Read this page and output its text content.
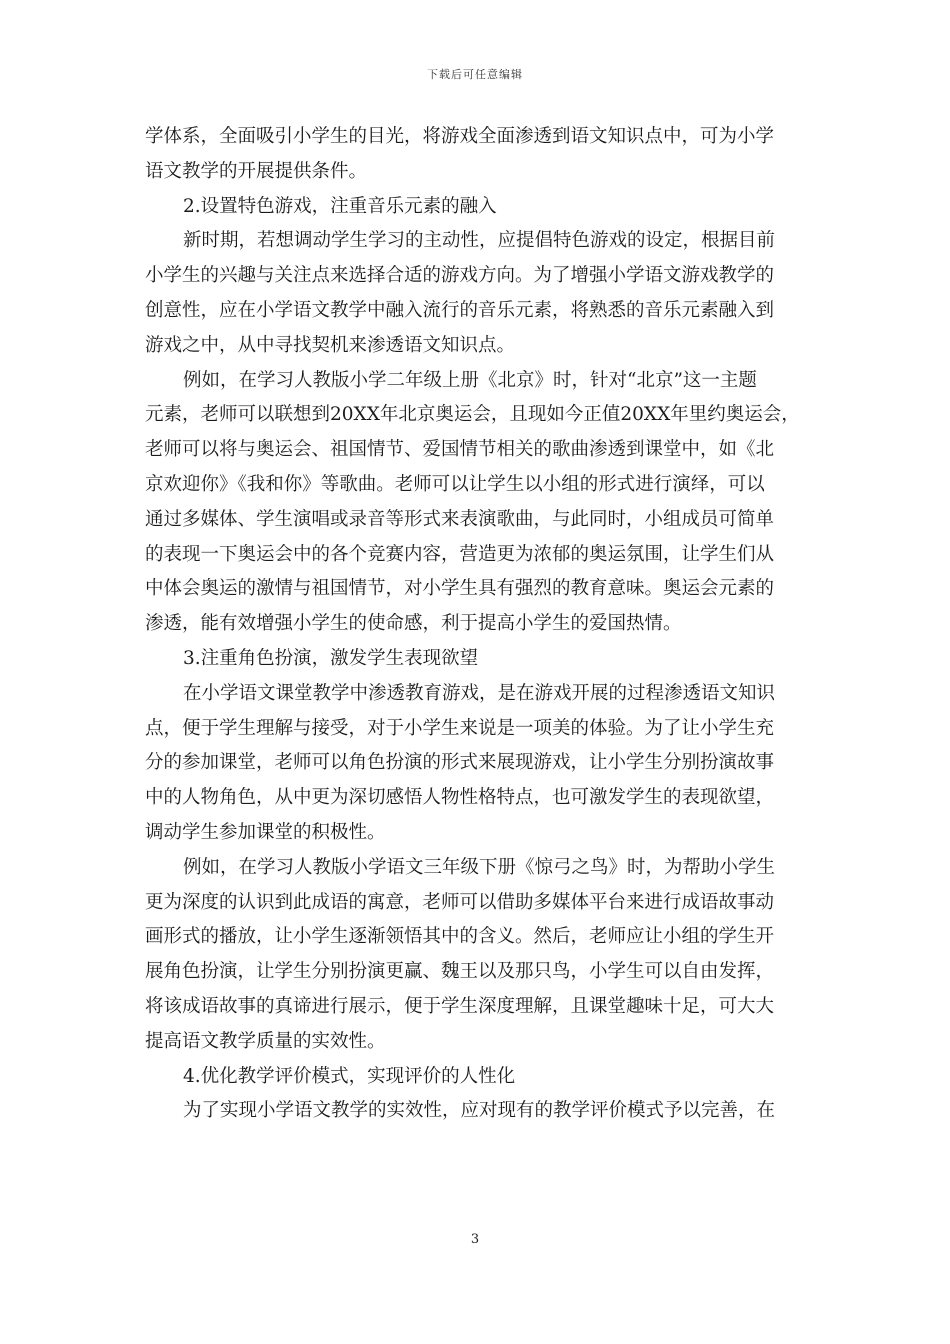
下载后可任意编辑
学体系，全面吸引小学生的目光，将游戏全面渗透到语文知识点中，可为小学
语文教学的开展提供条件。
2.设置特色游戏，注重音乐元素的融入
新时期，若想调动学生学习的主动性，应提倡特色游戏的设定，根据目前
小学生的兴趣与关注点来选择合适的游戏方向。为了增强小学语文游戏教学的
创意性，应在小学语文教学中融入流行的音乐元素，将熟悉的音乐元素融入到
游戏之中，从中寻找契机来渗透语文知识点。
例如，在学习人教版小学二年级上册《北京》时，针对“北京”这一主题
元素，老师可以联想到20XX年北京奥运会，且现如今正值20XX年里约奥运会，
老师可以将与奥运会、祖国情节、爱国情节相关的歌曲渗透到课堂中，如《北
京欢迎你》《我和你》等歌曲。老师可以让学生以小组的形式进行演绎，可以
通过多媒体、学生演唱或录音等形式来表演歌曲，与此同时，小组成员可简单
的表现一下奥运会中的各个竞赛内容，营造更为浓郁的奥运氛围，让学生们从
中体会奥运的激情与祖国情节，对小学生具有强烈的教育意味。奥运会元素的
渗透，能有效增强小学生的使命感，利于提高小学生的爱国热情。
3.注重角色扮演，激发学生表现欲望
在小学语文课堂教学中渗透教育游戏，是在游戏开展的过程渗透语文知识
点，便于学生理解与接受，对于小学生来说是一项美的体验。为了让小学生充
分的参加课堂，老师可以角色扮演的形式来展现游戏，让小学生分别扮演故事
中的人物角色，从中更为深切感悟人物性格特点，也可激发学生的表现欲望，
调动学生参加课堂的积极性。
例如，在学习人教版小学语文三年级下册《惊弓之鸟》时，为帮助小学生
更为深度的认识到此成语的寓意，老师可以借助多媒体平台来进行成语故事动
画形式的播放，让小学生逐渐领悟其中的含义。然后，老师应让小组的学生开
展角色扮演，让学生分别扮演更赢、魏王以及那只鸟，小学生可以自由发挥，
将该成语故事的真谛进行展示，便于学生深度理解，且课堂趣味十足，可大大
提高语文教学质量的实效性。
4.优化教学评价模式，实现评价的人性化
为了实现小学语文教学的实效性，应对现有的教学评价模式予以完善，在
3
